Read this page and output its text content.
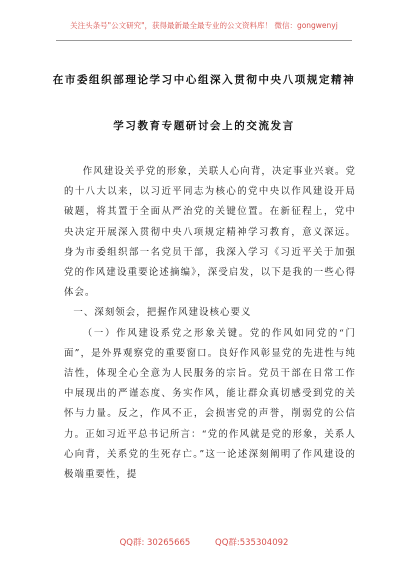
关注头条号"公文研究"，获得最新最全最专业的公文资料库！ 微信：gongwenyj
在市委组织部理论学习中心组深入贯彻中央八项规定精神
学习教育专题研讨会上的交流发言

作风建设关乎党的形象，关联人心向背，决定事业兴衰。党的十八大以来，以习近平同志为核心的党中央以作风建设开局破题，将其置于全面从严治党的关键位置。在新征程上，党中央决定开展深入贯彻中央八项规定精神学习教育，意义深远。身为市委组织部一名党员干部，我深入学习《习近平关于加强党的作风建设重要论述摘编》，深受启发，以下是我的一些心得体会。

一、深刻领会，把握作风建设核心要义

（一）作风建设系党之形象关键。党的作风如同党的“门面”，是外界观察党的重要窗口。良好作风彰显党的先进性与纯洁性，体现全心全意为人民服务的宗旨。党员干部在日常工作中展现出的严谨态度、务实作风，能让群众真切感受到党的关怀与力量。反之，作风不正，会损害党的声誉，削弱党的公信力。正如习近平总书记所言：“党的作风就是党的形象，关系人心向背，关系党的生死存亡。”这一论述深刻阐明了作风建设的极端重要性，提

QQ群: 30265665	QQ群:535304092
